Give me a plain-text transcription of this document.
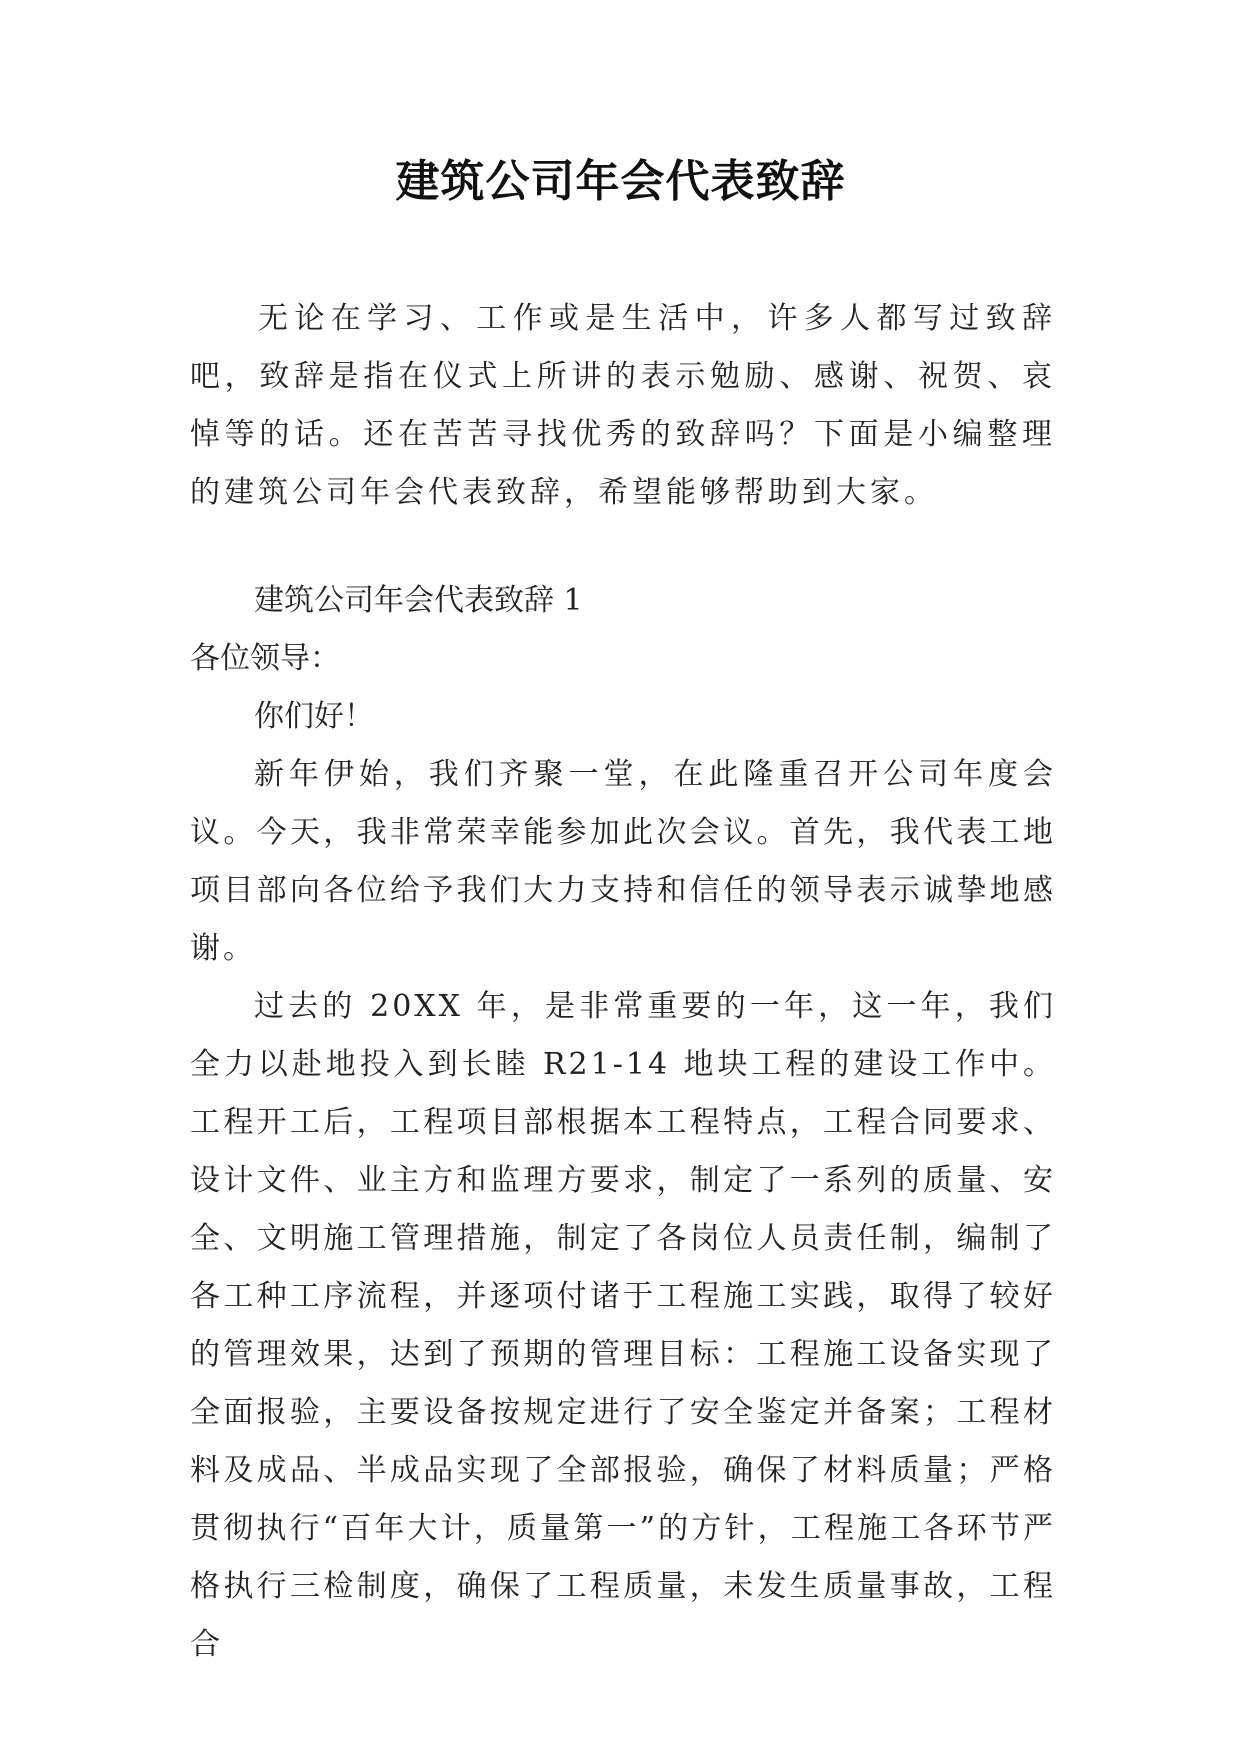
建筑公司年会代表致辞

无论在学习、工作或是生活中，许多人都写过致辞吧，致辞是指在仪式上所讲的表示勉励、感谢、祝贺、哀悼等的话。还在苦苦寻找优秀的致辞吗？下面是小编整理的建筑公司年会代表致辞，希望能够帮助到大家。

建筑公司年会代表致辞 1

各位领导：

你们好！

新年伊始，我们齐聚一堂，在此隆重召开公司年度会议。今天，我非常荣幸能参加此次会议。首先，我代表工地项目部向各位给予我们大力支持和信任的领导表示诚挚地感谢。

过去的 20XX 年，是非常重要的一年，这一年，我们全力以赴地投入到长睦 R21-14 地块工程的建设工作中。工程开工后，工程项目部根据本工程特点，工程合同要求、设计文件、业主方和监理方要求，制定了一系列的质量、安全、文明施工管理措施，制定了各岗位人员责任制，编制了各工种工序流程，并逐项付诸于工程施工实践，取得了较好的管理效果，达到了预期的管理目标：工程施工设备实现了全面报验，主要设备按规定进行了安全鉴定并备案；工程材料及成品、半成品实现了全部报验，确保了材料质量；严格贯彻执行“百年大计，质量第一”的方针，工程施工各环节严格执行三检制度，确保了工程质量，未发生质量事故，工程合
